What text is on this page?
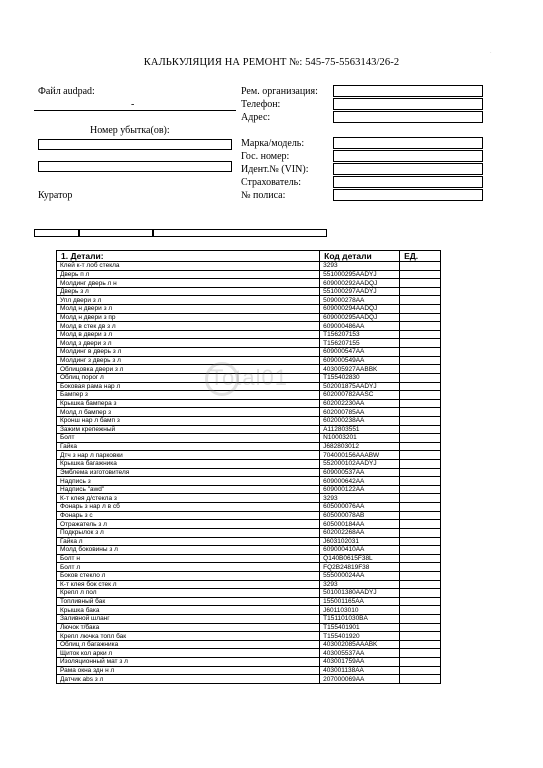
·
КАЛЬКУЛЯЦИЯ НА РЕМОНТ №: 545-75-5563143/26-2
Файл audpad:
-
Номер убытка(ов):
Куратор
Рем. организация:
Телефон:
Адрес:
Марка/модель:
Гос. номер:
Идент.№ (VIN):
Страхователь:
№ полиса:
1. Детали:	Код детали	ЕД.
Клей к-т лоб стекла	3293	
Дверь п л	551000295AADYJ	
Молдинг дверь л н	609000292AADQJ	
Дверь з л	551000297AADYJ	
Упл двери з л	509000278AA	
Молд н двери з л	609000294AADQJ	
Молд н двери з пр	609000295AADQJ	
Молд в стек дв з л	609000486AA	
Молд в двери з л	T156207153	
Молд з двери з л	T156207155	
Молдинг в дверь з л	609000547AA	
Молдинг з дверь з л	609000549AA	
Облицовка двери з л	403005927AABBK	
Облиц порог л	T155402830	
Боковая рама нар л	502001875AADYJ	
Бампер з	602000782AASC	
Крышка бампера з	602002230AA	
Молд л бампер з	602000785AA	
Кронш нар л бамп з	602000238AA	
Зажим крепежный	A112803551	
Болт	N10003201	
Гайка	J682803012	
Дтч з нар л парковки	704000156AAABW	
Крышка багажника	552000102AADYJ	
Эмблема изготовителя	609000537AA	
Надпись з	609000642AA	
Надпись "awd"	609000122AA	
К-т клея д/стекла з	3293	
Фонарь з нар л в сб	605000076AA	
Фонарь з с	605000078AB	
Отражатель з л	605000184AA	
Подкрылок з л	602002268AA	
Гайка л	J603102031	
Молд боковины з л	609000410AA	
Болт н	Q140B0615F38L	
Болт л	FQ2B24819F38	
Боков стекло л	555000024AA	
К-т клея бок стек л	3293	
Крепл л пол	501001380AADYJ	
Топливный бак	155001165AA	
Крышка бака	J601103010	
Заливной шланг	T151101030BA	
Лючок т/бака	T155401901	
Крепл лючка топл бак	T155401920	
Облиц л багажника	403002085AAABK	
Щиток кол арки л	403005537AA	
Изоляционный мат з л	403001759AA	
Рама окна здн н л	403001138AA	
Датчик abs з л	207000069AA	
Total01
